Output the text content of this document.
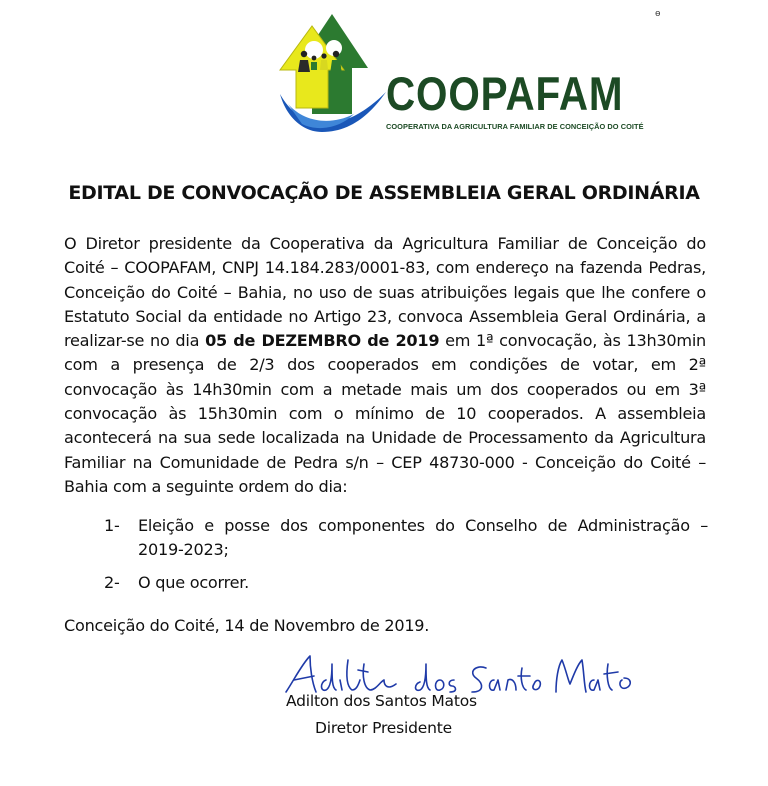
COOPAFAM
COOPERATIVA DA AGRICULTURA FAMILIAR DE CONCEIÇÃO DO COITÉ
ɵ
EDITAL DE CONVOCAÇÃO DE ASSEMBLEIA GERAL ORDINÁRIA

O Diretor presidente da Cooperativa da Agricultura Familiar de Conceição do Coité – COOPAFAM, CNPJ 14.184.283/0001-83, com endereço na fazenda Pedras, Conceição do Coité – Bahia, no uso de suas atribuições legais que lhe confere o Estatuto Social da entidade no Artigo 23, convoca Assembleia Geral Ordinária, a realizar-se no dia 05 de DEZEMBRO de 2019 em 1ª convocação, às 13h30min com a presença de 2/3 dos cooperados em condições de votar, em 2ª convocação às 14h30min com a metade mais um dos cooperados ou em 3ª convocação às 15h30min com o mínimo de 10 cooperados. A assembleia acontecerá na sua sede localizada na Unidade de Processamento da Agricultura Familiar na Comunidade de Pedra s/n – CEP 48730-000 - Conceição do Coité – Bahia com a seguinte ordem do dia:

1- Eleição e posse dos componentes do Conselho de Administração – 2019-2023;
2- O que ocorrer.
Conceição do Coité, 14 de Novembro de 2019.
Adilton dos Santos Matos
Diretor Presidente
